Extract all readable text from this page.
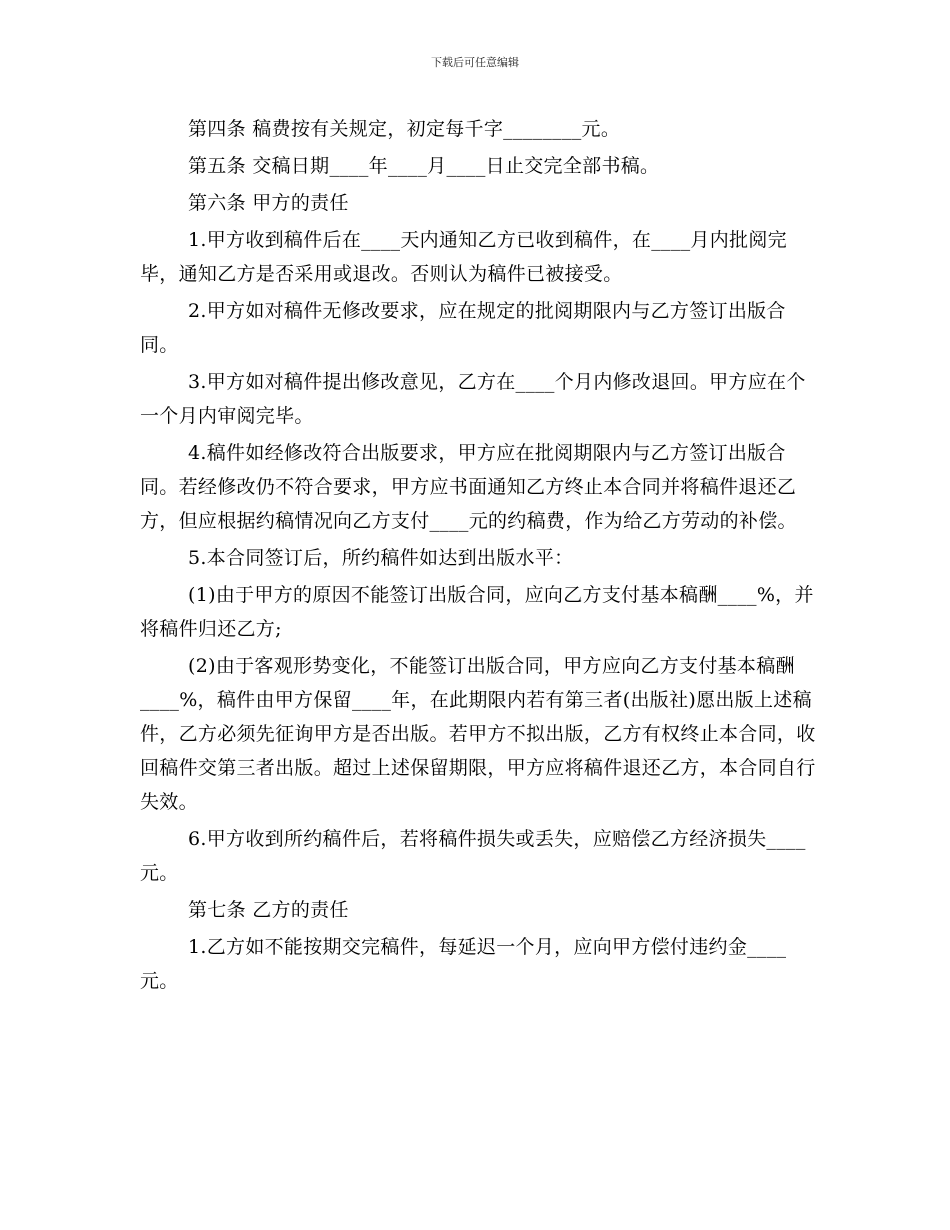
下载后可任意编辑

第四条 稿费按有关规定，初定每千字________元。

第五条 交稿日期____年____月____日止交完全部书稿。

第六条 甲方的责任

1.甲方收到稿件后在____天内通知乙方已收到稿件，在____月内批阅完毕，通知乙方是否采用或退改。否则认为稿件已被接受。

2.甲方如对稿件无修改要求，应在规定的批阅期限内与乙方签订出版合同。

3.甲方如对稿件提出修改意见，乙方在____个月内修改退回。甲方应在个一个月内审阅完毕。

4.稿件如经修改符合出版要求，甲方应在批阅期限内与乙方签订出版合同。若经修改仍不符合要求，甲方应书面通知乙方终止本合同并将稿件退还乙方，但应根据约稿情况向乙方支付____元的约稿费，作为给乙方劳动的补偿。

5.本合同签订后，所约稿件如达到出版水平：

(1)由于甲方的原因不能签订出版合同，应向乙方支付基本稿酬____%，并将稿件归还乙方;

(2)由于客观形势变化，不能签订出版合同，甲方应向乙方支付基本稿酬____%，稿件由甲方保留____年，在此期限内若有第三者(出版社)愿出版上述稿件，乙方必须先征询甲方是否出版。若甲方不拟出版，乙方有权终止本合同，收回稿件交第三者出版。超过上述保留期限，甲方应将稿件退还乙方，本合同自行失效。

6.甲方收到所约稿件后，若将稿件损失或丢失，应赔偿乙方经济损失____元。

第七条 乙方的责任

1.乙方如不能按期交完稿件，每延迟一个月，应向甲方偿付违约金____元。
